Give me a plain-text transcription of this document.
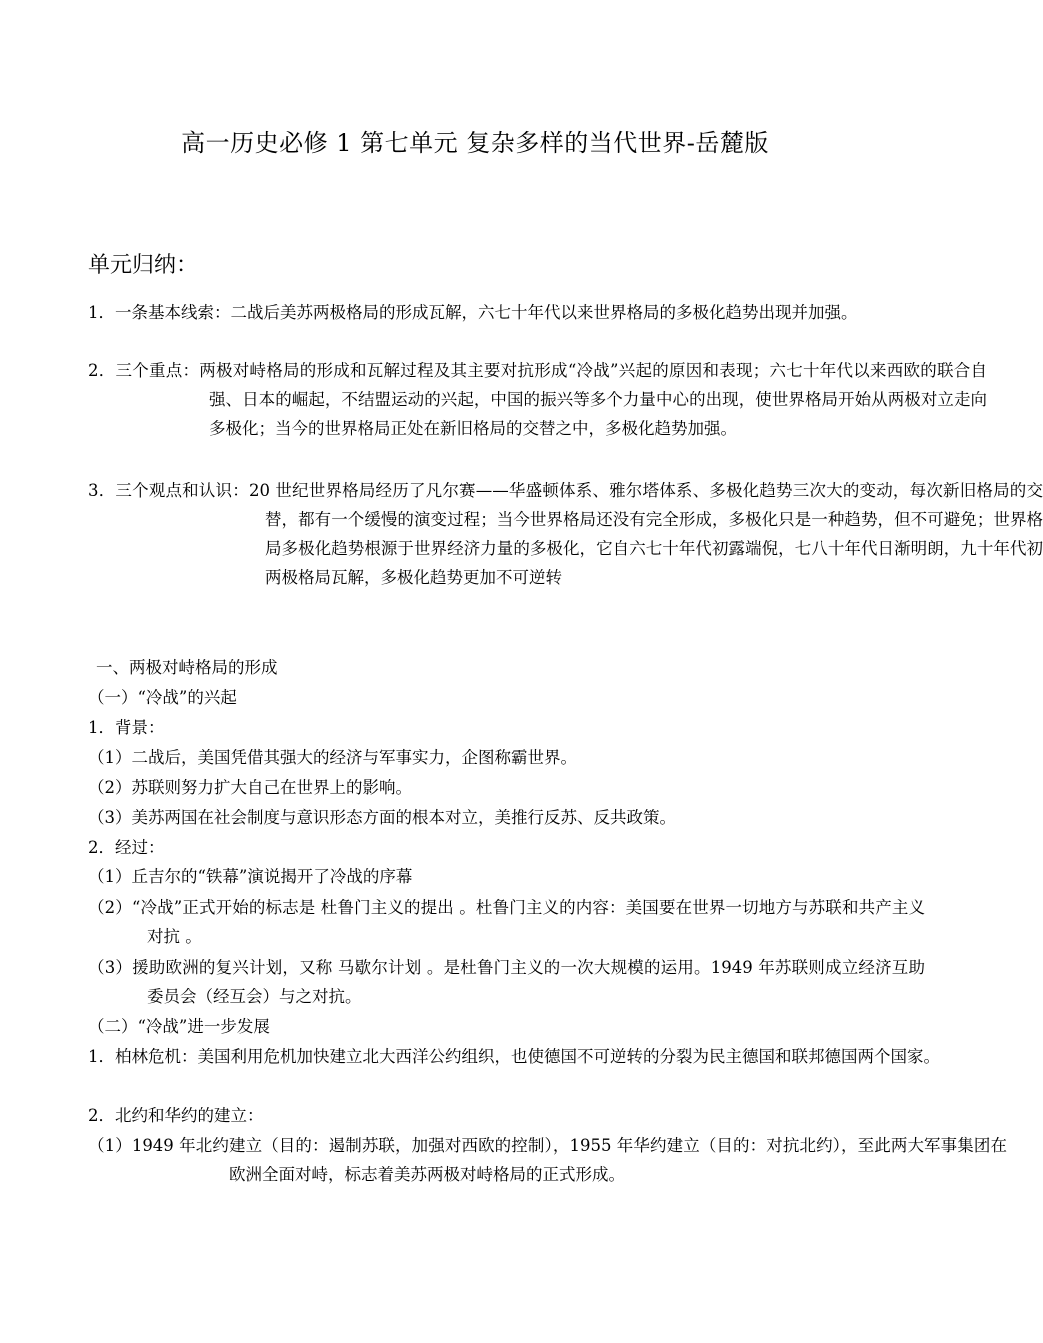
高一历史必修 1 第七单元 复杂多样的当代世界-岳麓版
单元归纳：
1．一条基本线索：二战后美苏两极格局的形成瓦解，六七十年代以来世界格局的多极化趋势出现并加强。
2．三个重点：两极对峙格局的形成和瓦解过程及其主要对抗形成“冷战”兴起的原因和表现；六七十年代以来西欧的联合自强、日本的崛起，不结盟运动的兴起，中国的振兴等多个力量中心的出现，使世界格局开始从两极对立走向多极化；当今的世界格局正处在新旧格局的交替之中，多极化趋势加强。
3．三个观点和认识：20 世纪世界格局经历了凡尔赛——华盛顿体系、雅尔塔体系、多极化趋势三次大的变动，每次新旧格局的交替，都有一个缓慢的演变过程；当今世界格局还没有完全形成，多极化只是一种趋势，但不可避免；世界格局多极化趋势根源于世界经济力量的多极化，它自六七十年代初露端倪，七八十年代日渐明朗，九十年代初两极格局瓦解，多极化趋势更加不可逆转
一、两极对峙格局的形成
（一）“冷战”的兴起
1．背景：
（1）二战后，美国凭借其强大的经济与军事实力，企图称霸世界。
（2）苏联则努力扩大自己在世界上的影响。
（3）美苏两国在社会制度与意识形态方面的根本对立，美推行反苏、反共政策。
2．经过：
（1）丘吉尔的“铁幕”演说揭开了冷战的序幕
（2）“冷战”正式开始的标志是 杜鲁门主义的提出 。杜鲁门主义的内容：美国要在世界一切地方与苏联和共产主义对抗 。
（3）援助欧洲的复兴计划，又称 马歇尔计划 。是杜鲁门主义的一次大规模的运用。1949 年苏联则成立经济互助委员会（经互会）与之对抗。
（二）“冷战”进一步发展
1．柏林危机：美国利用危机加快建立北大西洋公约组织，也使德国不可逆转的分裂为民主德国和联邦德国两个国家。
2．北约和华约的建立：
（1）1949 年北约建立（目的：遏制苏联，加强对西欧的控制），1955 年华约建立（目的：对抗北约），至此两大军事集团在欧洲全面对峙，标志着美苏两极对峙格局的正式形成。
